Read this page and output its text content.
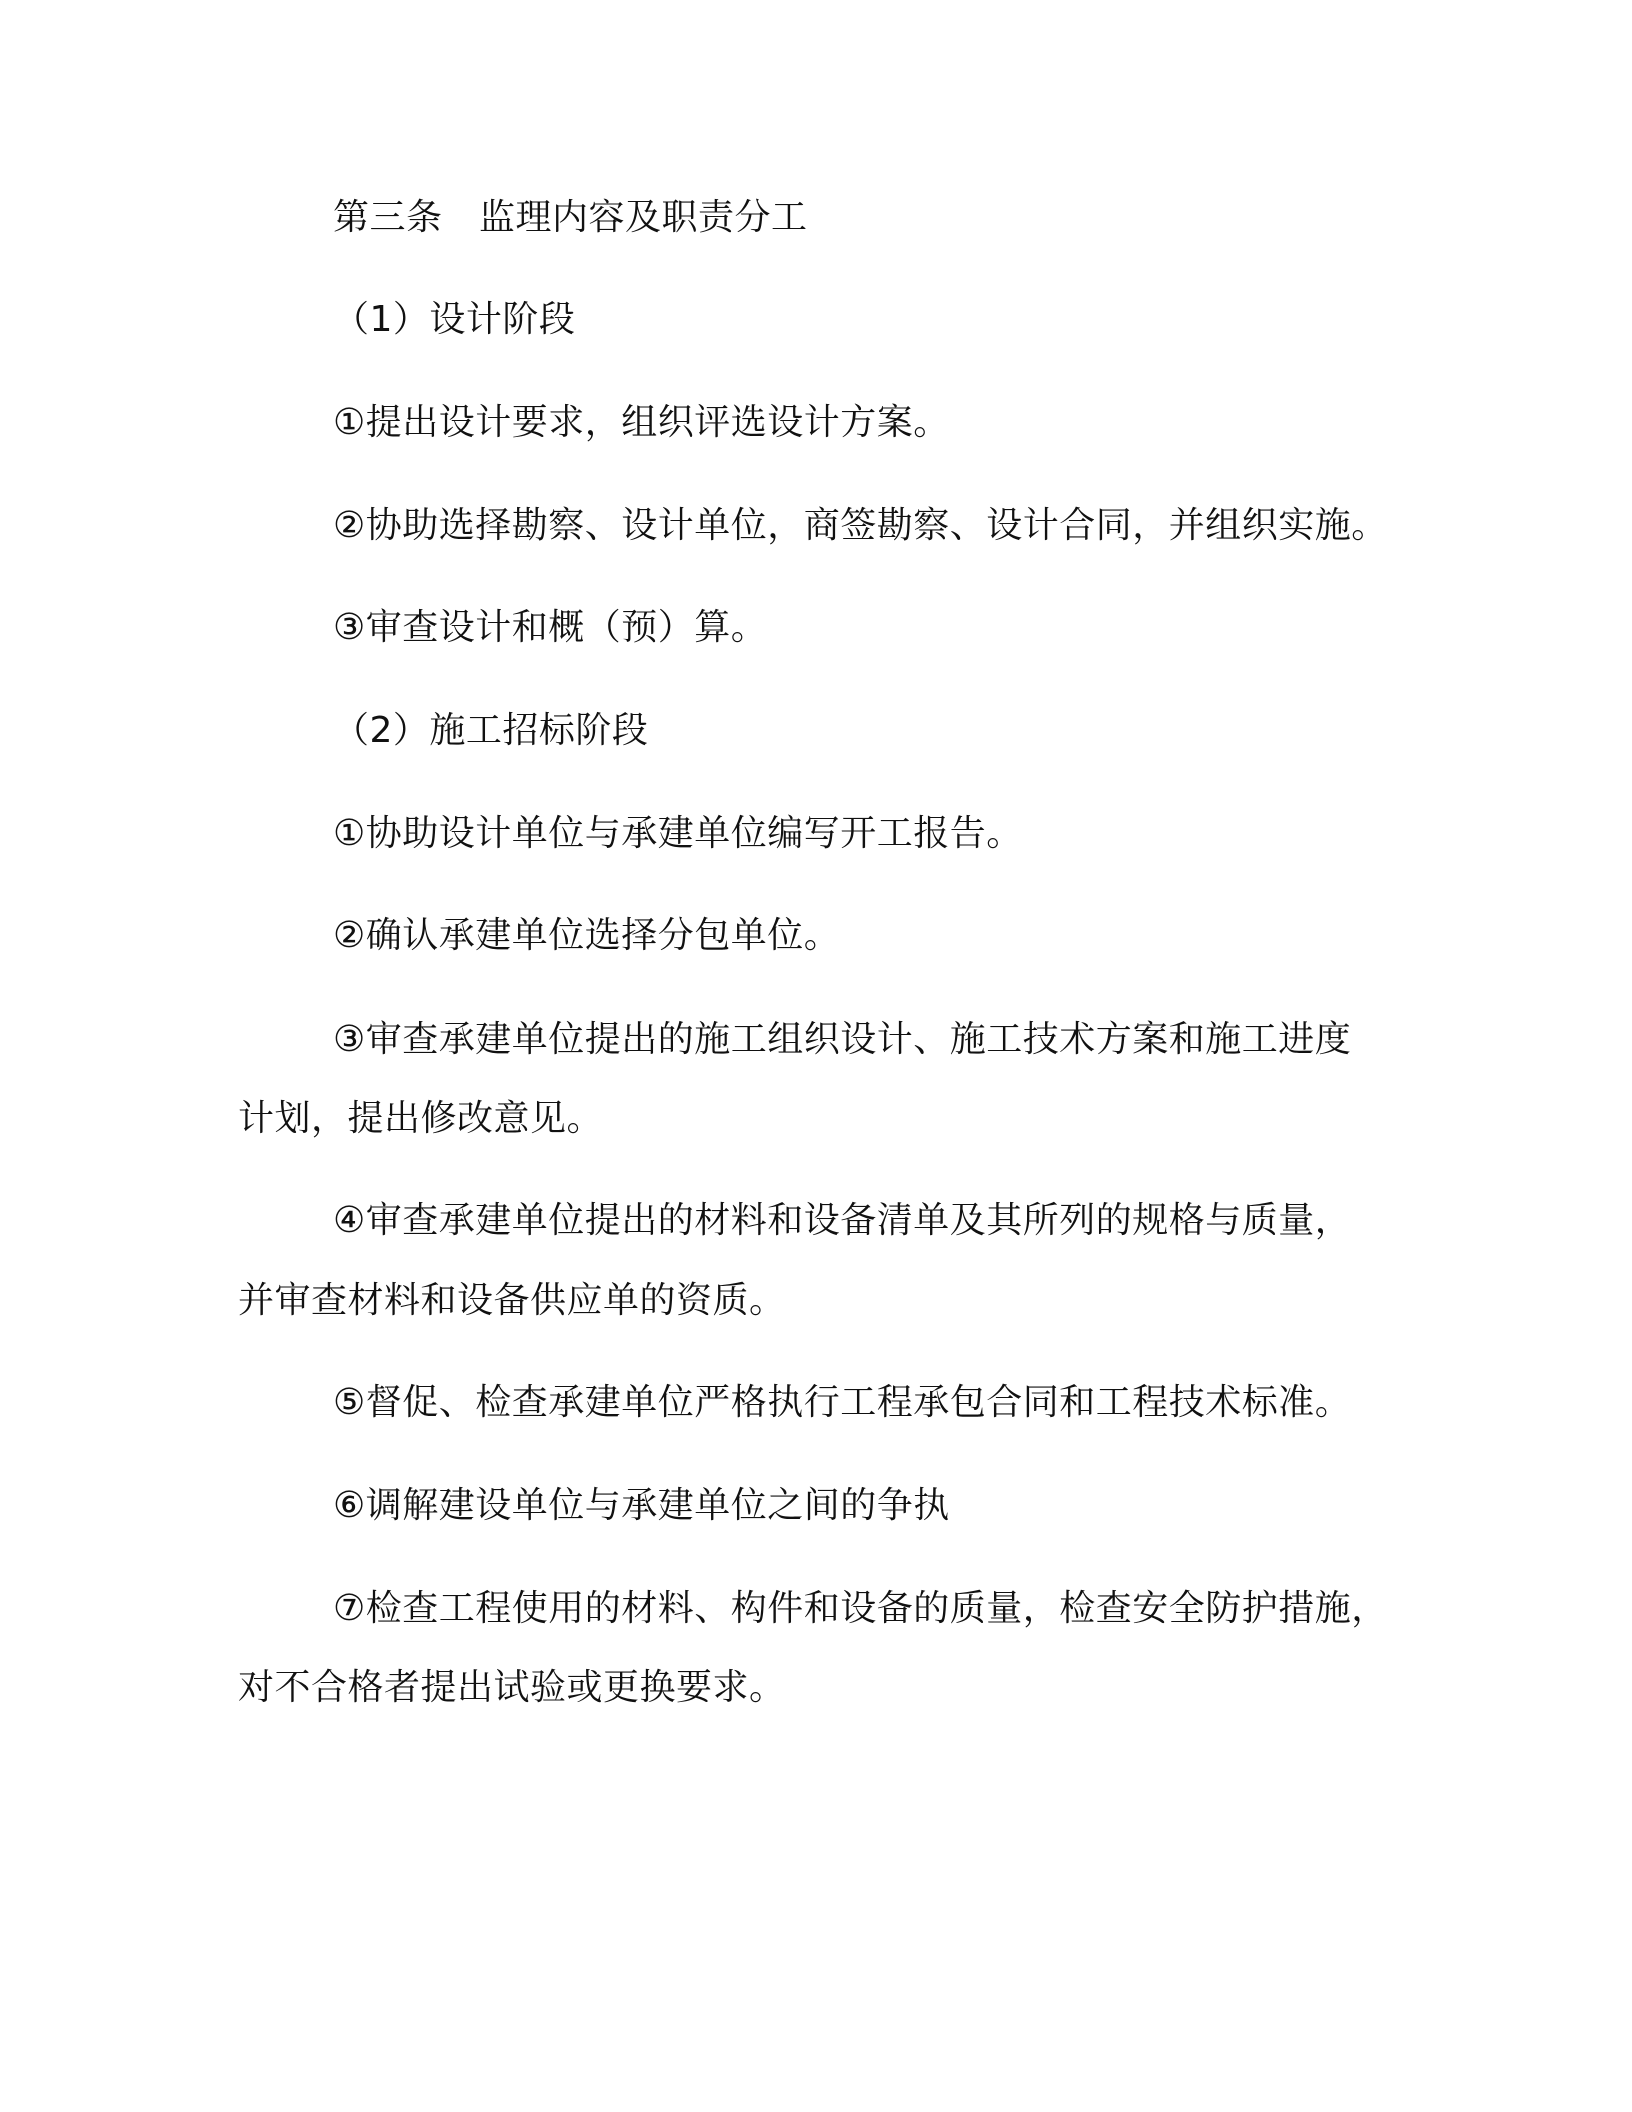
第三条　监理内容及职责分工
（1）设计阶段
①提出设计要求，组织评选设计方案。
②协助选择勘察、设计单位，商签勘察、设计合同，并组织实施。
③审查设计和概（预）算。
（2）施工招标阶段
①协助设计单位与承建单位编写开工报告。
②确认承建单位选择分包单位。
③审查承建单位提出的施工组织设计、施工技术方案和施工进度
计划，提出修改意见。
④审查承建单位提出的材料和设备清单及其所列的规格与质量，
并审查材料和设备供应单的资质。
⑤督促、检查承建单位严格执行工程承包合同和工程技术标准。
⑥调解建设单位与承建单位之间的争执
⑦检查工程使用的材料、构件和设备的质量，检查安全防护措施，
对不合格者提出试验或更换要求。
